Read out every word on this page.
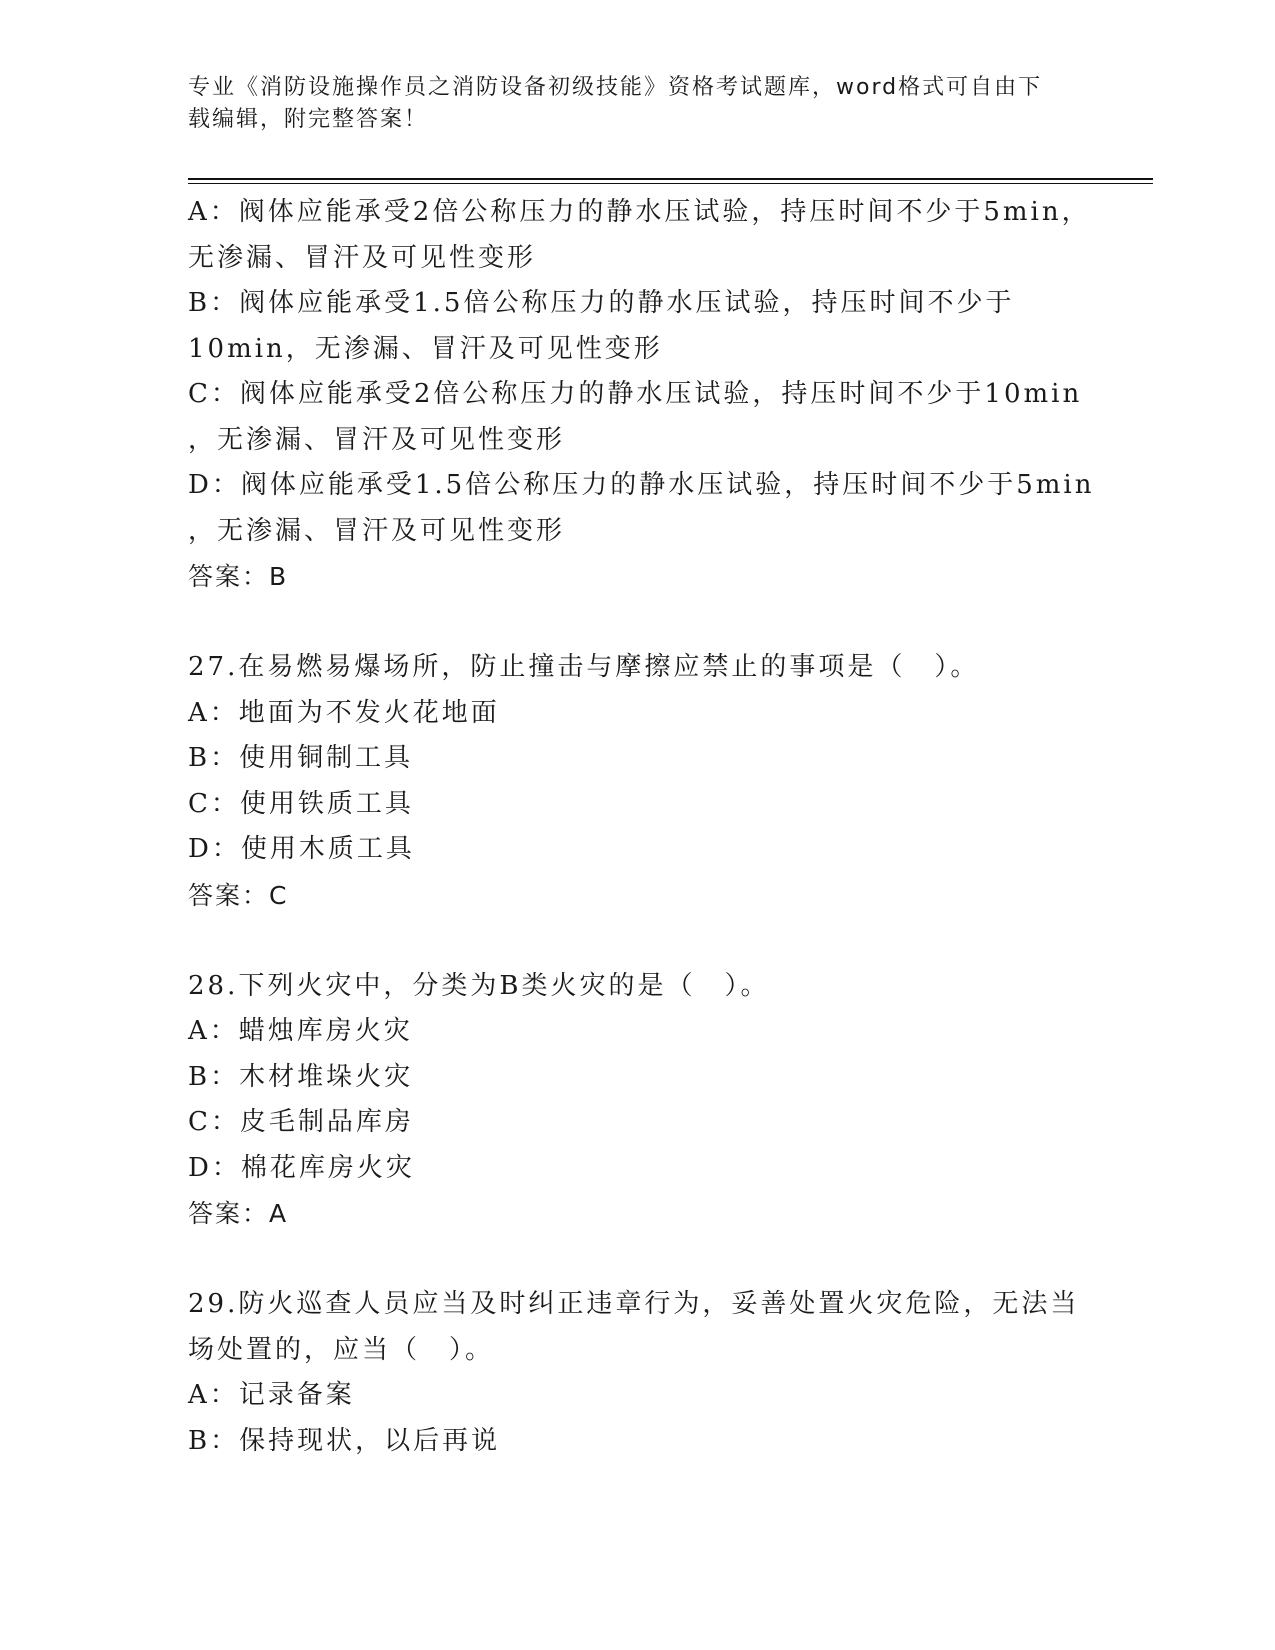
专业《消防设施操作员之消防设备初级技能》资格考试题库，word格式可自由下
载编辑，附完整答案！
A：阀体应能承受2倍公称压力的静水压试验，持压时间不少于5min，
无渗漏、冒汗及可见性变形
B：阀体应能承受1.5倍公称压力的静水压试验，持压时间不少于
10min，无渗漏、冒汗及可见性变形
C：阀体应能承受2倍公称压力的静水压试验，持压时间不少于10min
，无渗漏、冒汗及可见性变形
D：阀体应能承受1.5倍公称压力的静水压试验，持压时间不少于5min
，无渗漏、冒汗及可见性变形
答案：B
27.在易燃易爆场所，防止撞击与摩擦应禁止的事项是（　）。
A：地面为不发火花地面
B：使用铜制工具
C：使用铁质工具
D：使用木质工具
答案：C
28.下列火灾中，分类为B类火灾的是（　）。
A：蜡烛库房火灾
B：木材堆垛火灾
C：皮毛制品库房
D：棉花库房火灾
答案：A
29.防火巡查人员应当及时纠正违章行为，妥善处置火灾危险，无法当
场处置的，应当（　）。
A：记录备案
B：保持现状，以后再说
